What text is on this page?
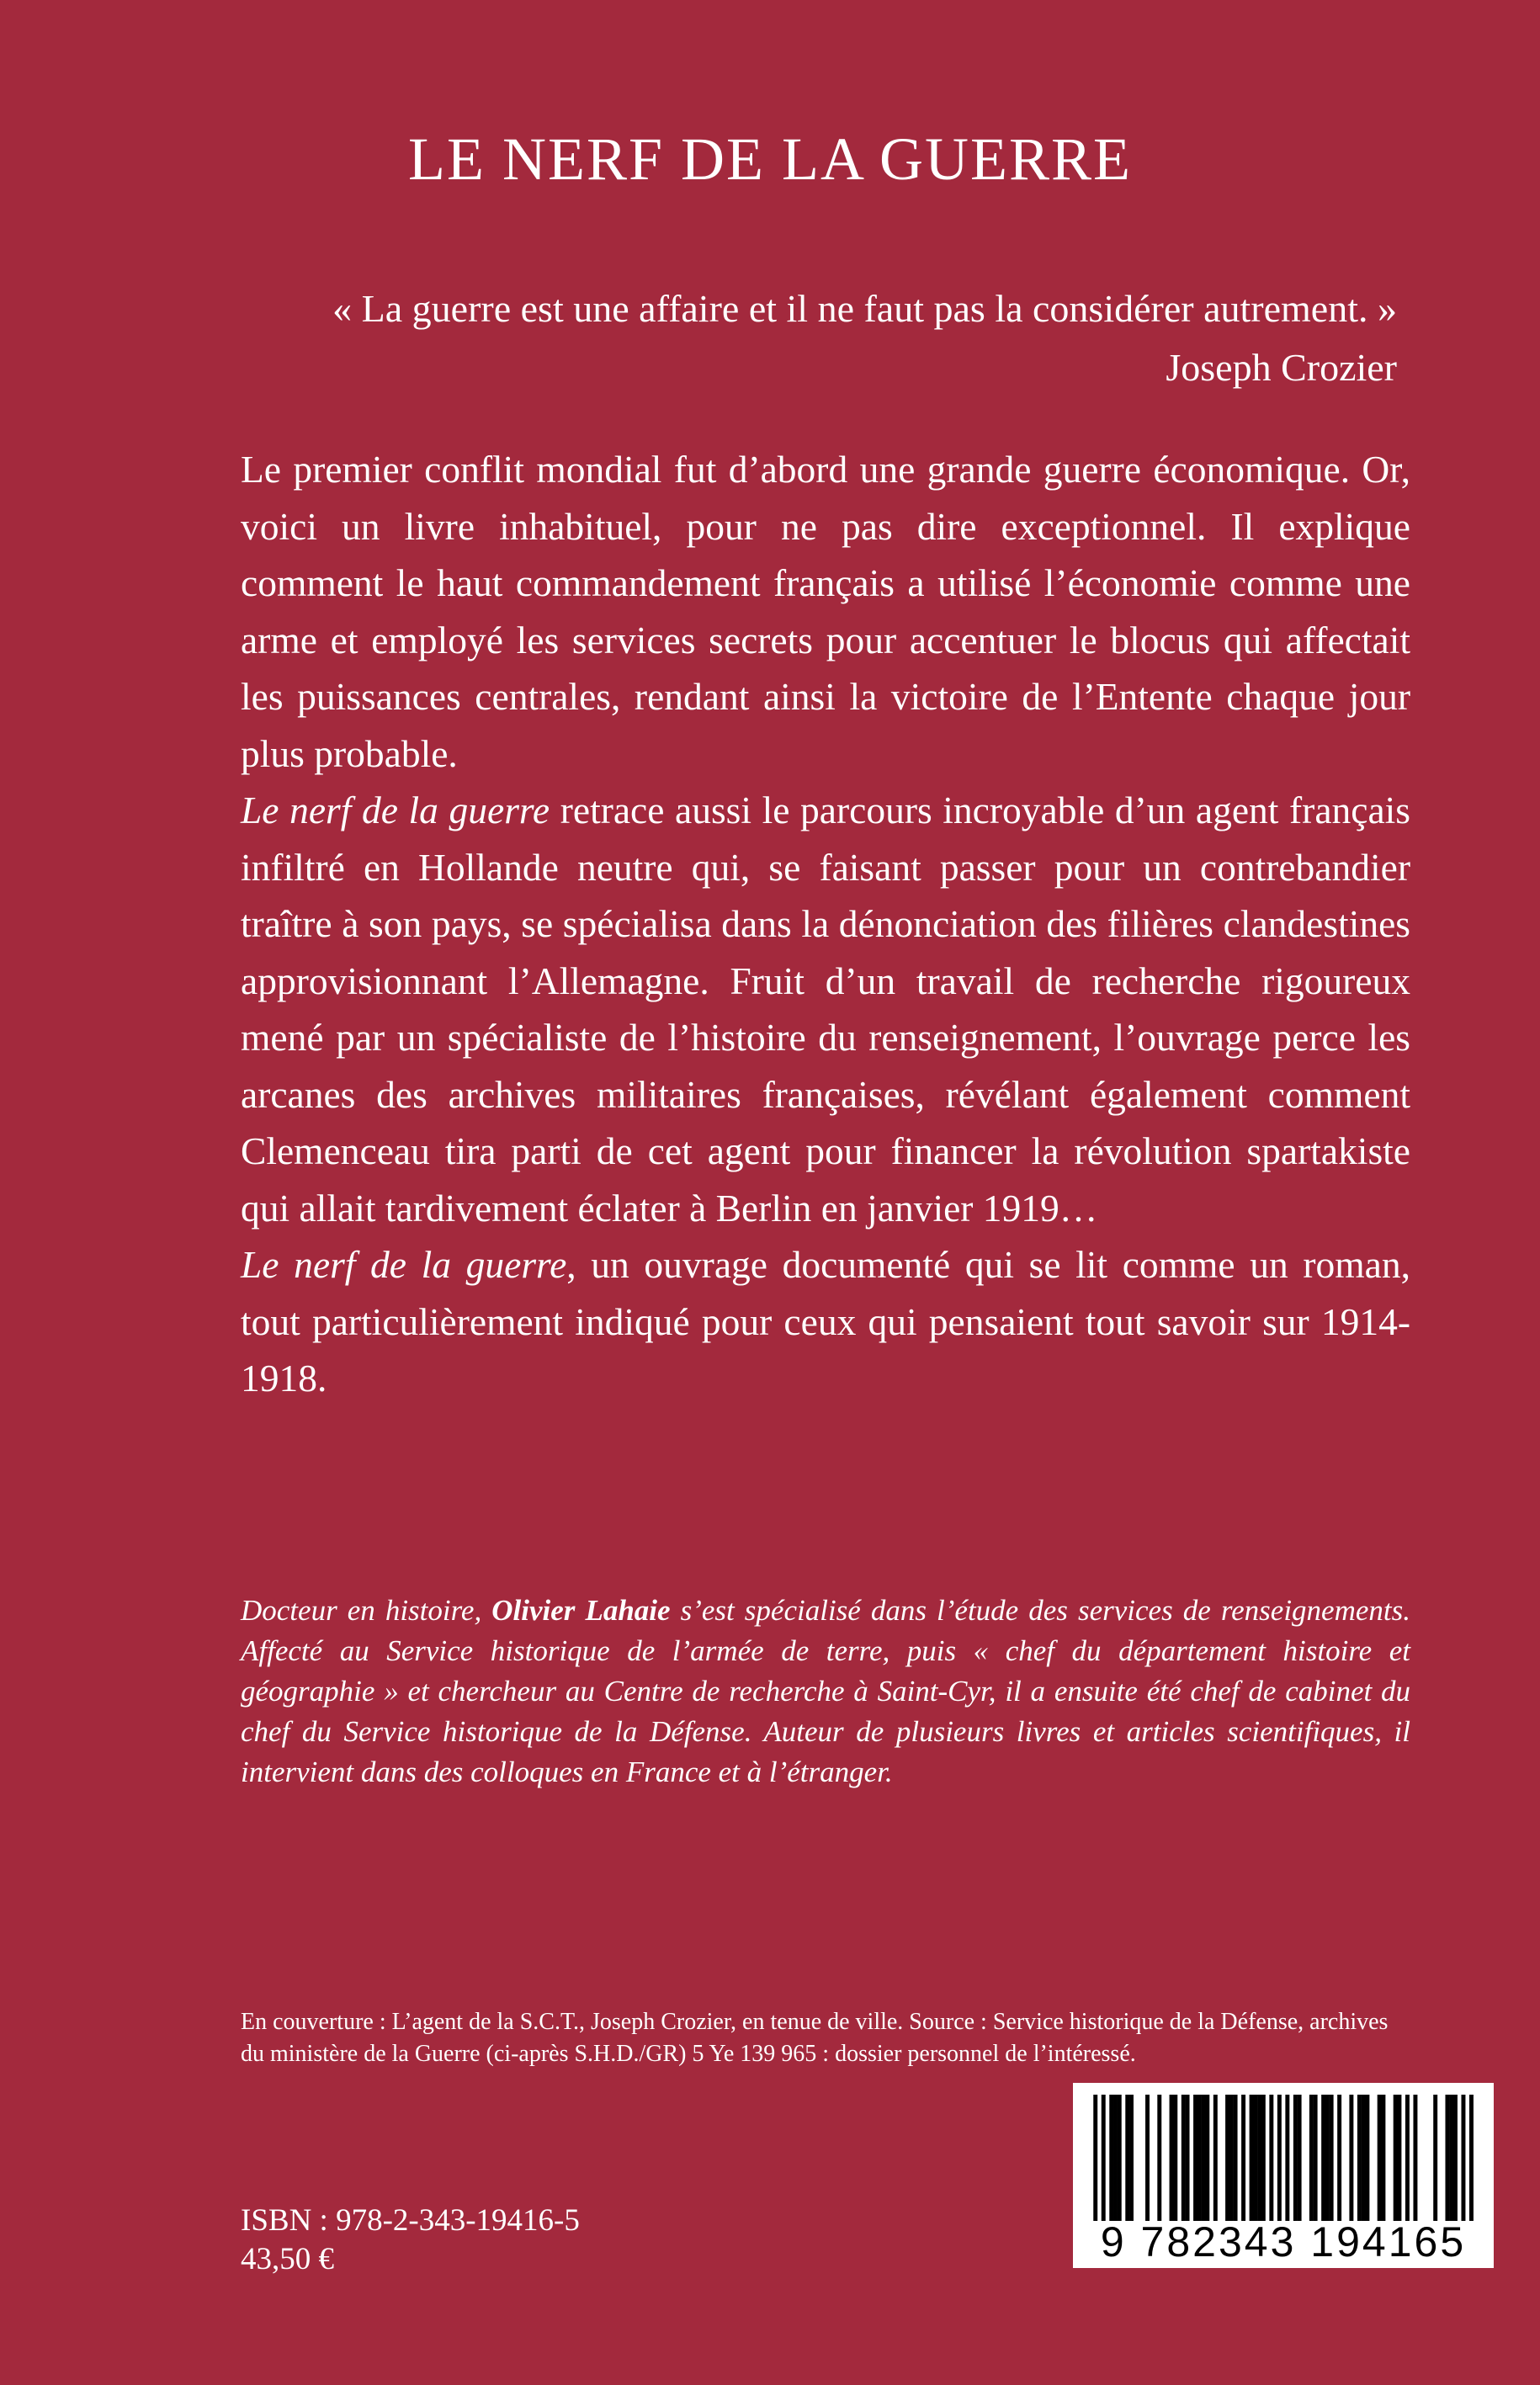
LE NERF DE LA GUERRE
« La guerre est une affaire et il ne faut pas la considérer autrement. »
Joseph Crozier

Le premier conflit mondial fut d’abord une grande guerre économique. Or, voici un livre inhabituel, pour ne pas dire exceptionnel. Il explique comment le haut commandement français a utilisé l’économie comme une arme et employé les services secrets pour accentuer le blocus qui affectait les puissances centrales, rendant ainsi la victoire de l’Entente chaque jour plus probable.

Le nerf de la guerre retrace aussi le parcours incroyable d’un agent français infiltré en Hollande neutre qui, se faisant passer pour un contrebandier traître à son pays, se spécialisa dans la dénonciation des filières clandestines approvisionnant l’Allemagne. Fruit d’un travail de recherche rigoureux mené par un spécialiste de l’histoire du renseignement, l’ouvrage perce les arcanes des archives militaires françaises, révélant également comment Clemenceau tira parti de cet agent pour financer la révolution spartakiste qui allait tardivement éclater à Berlin en janvier 1919…

Le nerf de la guerre, un ouvrage documenté qui se lit comme un roman, tout particulièrement indiqué pour ceux qui pensaient tout savoir sur 1914-1918.

Docteur en histoire, Olivier Lahaie s’est spécialisé dans l’étude des services de renseignements. Affecté au Service historique de l’armée de terre, puis « chef du département histoire et géographie » et chercheur au Centre de recherche à Saint-Cyr, il a ensuite été chef de cabinet du chef du Service historique de la Défense. Auteur de plusieurs livres et articles scientifiques, il intervient dans des colloques en France et à l’étranger.

En couverture : L’agent de la S.C.T., Joseph Crozier, en tenue de ville. Source : Service historique de la Défense, archives du ministère de la Guerre (ci-après S.H.D./GR) 5 Ye 139 965 : dossier personnel de l’intéressé.

ISBN : 978-2-343-19416-5
43,50 €	9 782343 194165
